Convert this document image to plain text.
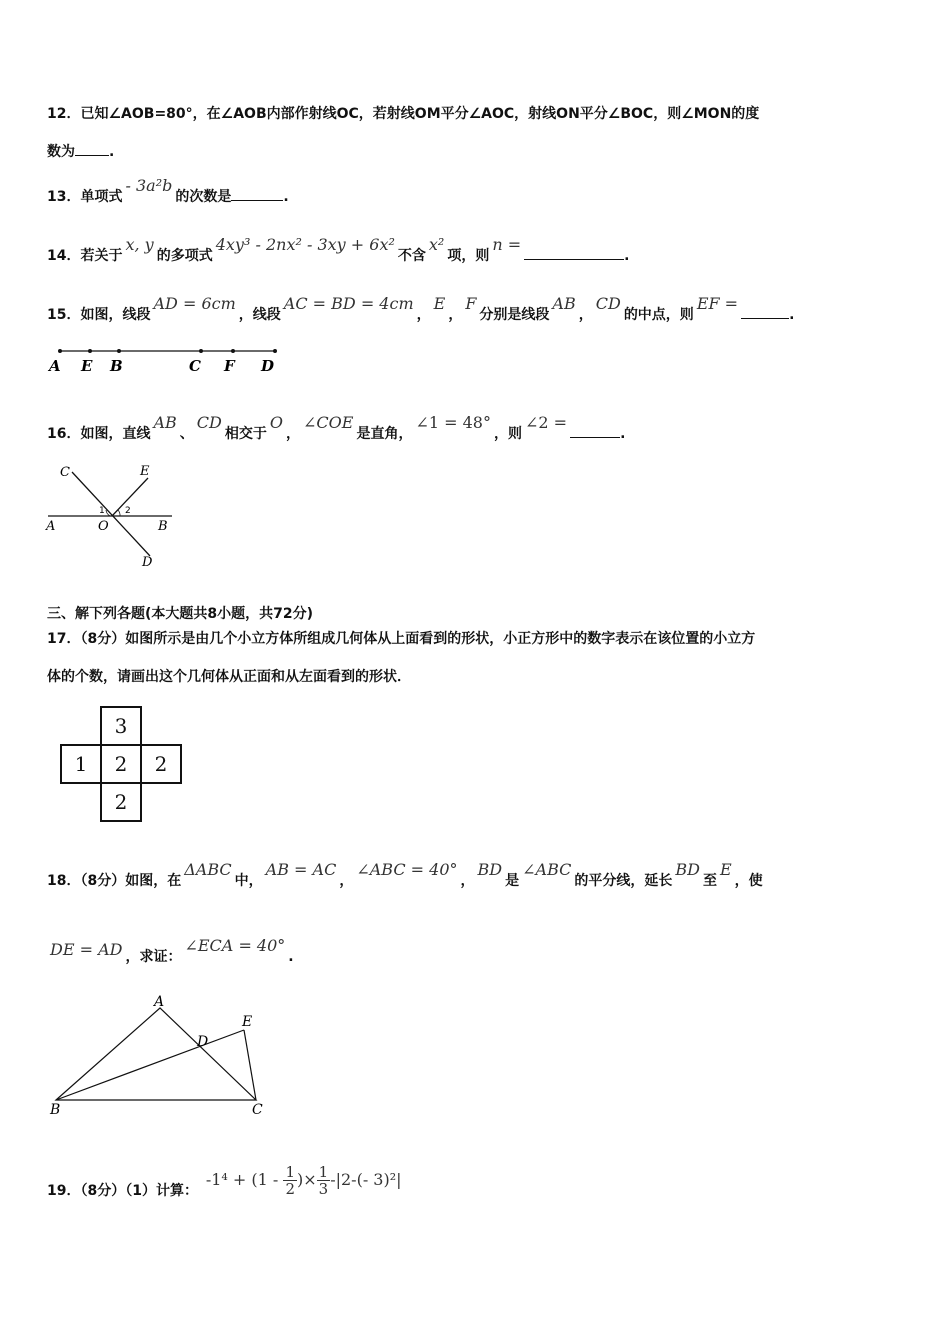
12．已知∠AOB=80°，在∠AOB内部作射线OC，若射线OM平分∠AOC，射线ON平分∠BOC，则∠MON的度
数为 .
13．单项式- 3a²b的次数是	.
14．若关于x, y的多项式4xy³ - 2nx² - 3xy + 6x²不含x²项，则n =.
15．如图，线段AD = 6cm，线段AC = BD = 4cm，E，F分别是线段AB，CD的中点，则EF =.
A E B	C F D
16．如图，直线AB、CD相交于O，∠COE是直角，∠1 = 48°，则∠2 =.
C	E
A	O	B
D
1 2
三、解下列各题(本大题共8小题，共72分)
17．（8分）如图所示是由几个小立方体所组成几何体从上面看到的形状，小正方形中的数字表示在该位置的小立方
体的个数，请画出这个几何体从正面和从左面看到的形状．
	3	
1	2	2
	2	
18．（8分）如图，在ΔABC中，AB = AC，∠ABC = 40°，BD是∠ABC的平分线，延长BD至E，使
DE = AD ，求证：∠ECA = 40°.
A
B	C
D
E
19．（8分）（1）计算： $-1^4 + (1 - \frac{1}{2}$ )× $\frac{1}{3} -|2-(-$ 3)²|
